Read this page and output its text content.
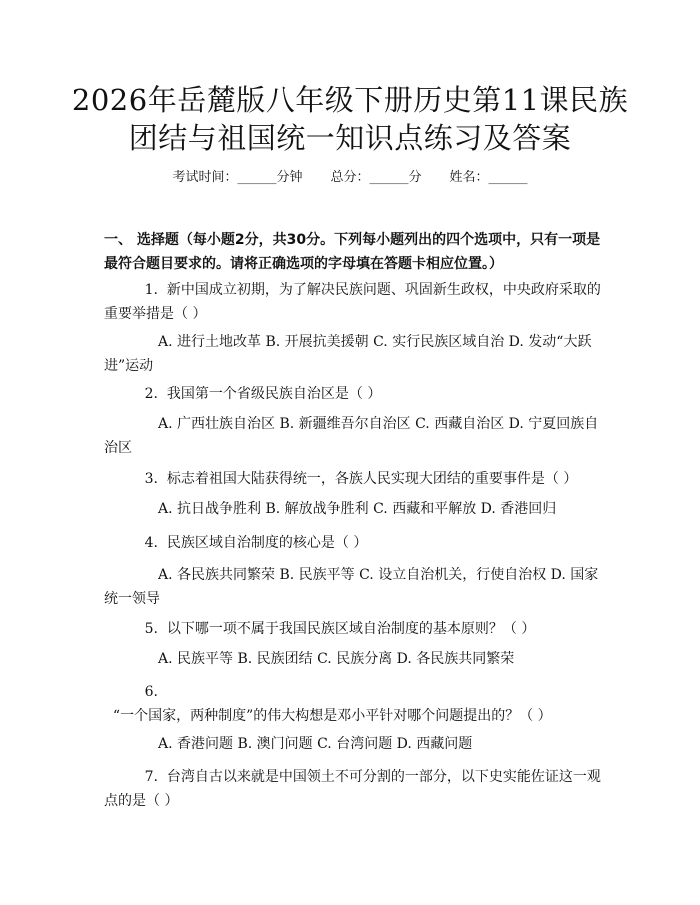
2026年岳麓版八年级下册历史第11课民族
团结与祖国统一知识点练习及答案
考试时间：______分钟 总分：______分 姓名：______
一、 选择题（每小题2分，共30分。下列每小题列出的四个选项中，只有一项是最符合题目要求的。请将正确选项的字母填在答题卡相应位置。）
1. 新中国成立初期，为了解决民族问题、巩固新生政权，中央政府采取的重要举措是（ ）
A. 进行土地改革 B. 开展抗美援朝 C. 实行民族区域自治 D. 发动“大跃进”运动
2. 我国第一个省级民族自治区是（ ）
A. 广西壮族自治区 B. 新疆维吾尔自治区 C. 西藏自治区 D. 宁夏回族自治区
3. 标志着祖国大陆获得统一，各族人民实现大团结的重要事件是（ ）
A. 抗日战争胜利 B. 解放战争胜利 C. 西藏和平解放 D. 香港回归
4. 民族区域自治制度的核心是（ ）
A. 各民族共同繁荣 B. 民族平等 C. 设立自治机关，行使自治权 D. 国家统一领导
5. 以下哪一项不属于我国民族区域自治制度的基本原则？（ ）
A. 民族平等 B. 民族团结 C. 民族分离 D. 各民族共同繁荣
6.  “一个国家，两种制度”的伟大构想是邓小平针对哪个问题提出的？（ ）
A. 香港问题 B. 澳门问题 C. 台湾问题 D. 西藏问题
7. 台湾自古以来就是中国领土不可分割的一部分，以下史实能佐证这一观点的是（ ）
